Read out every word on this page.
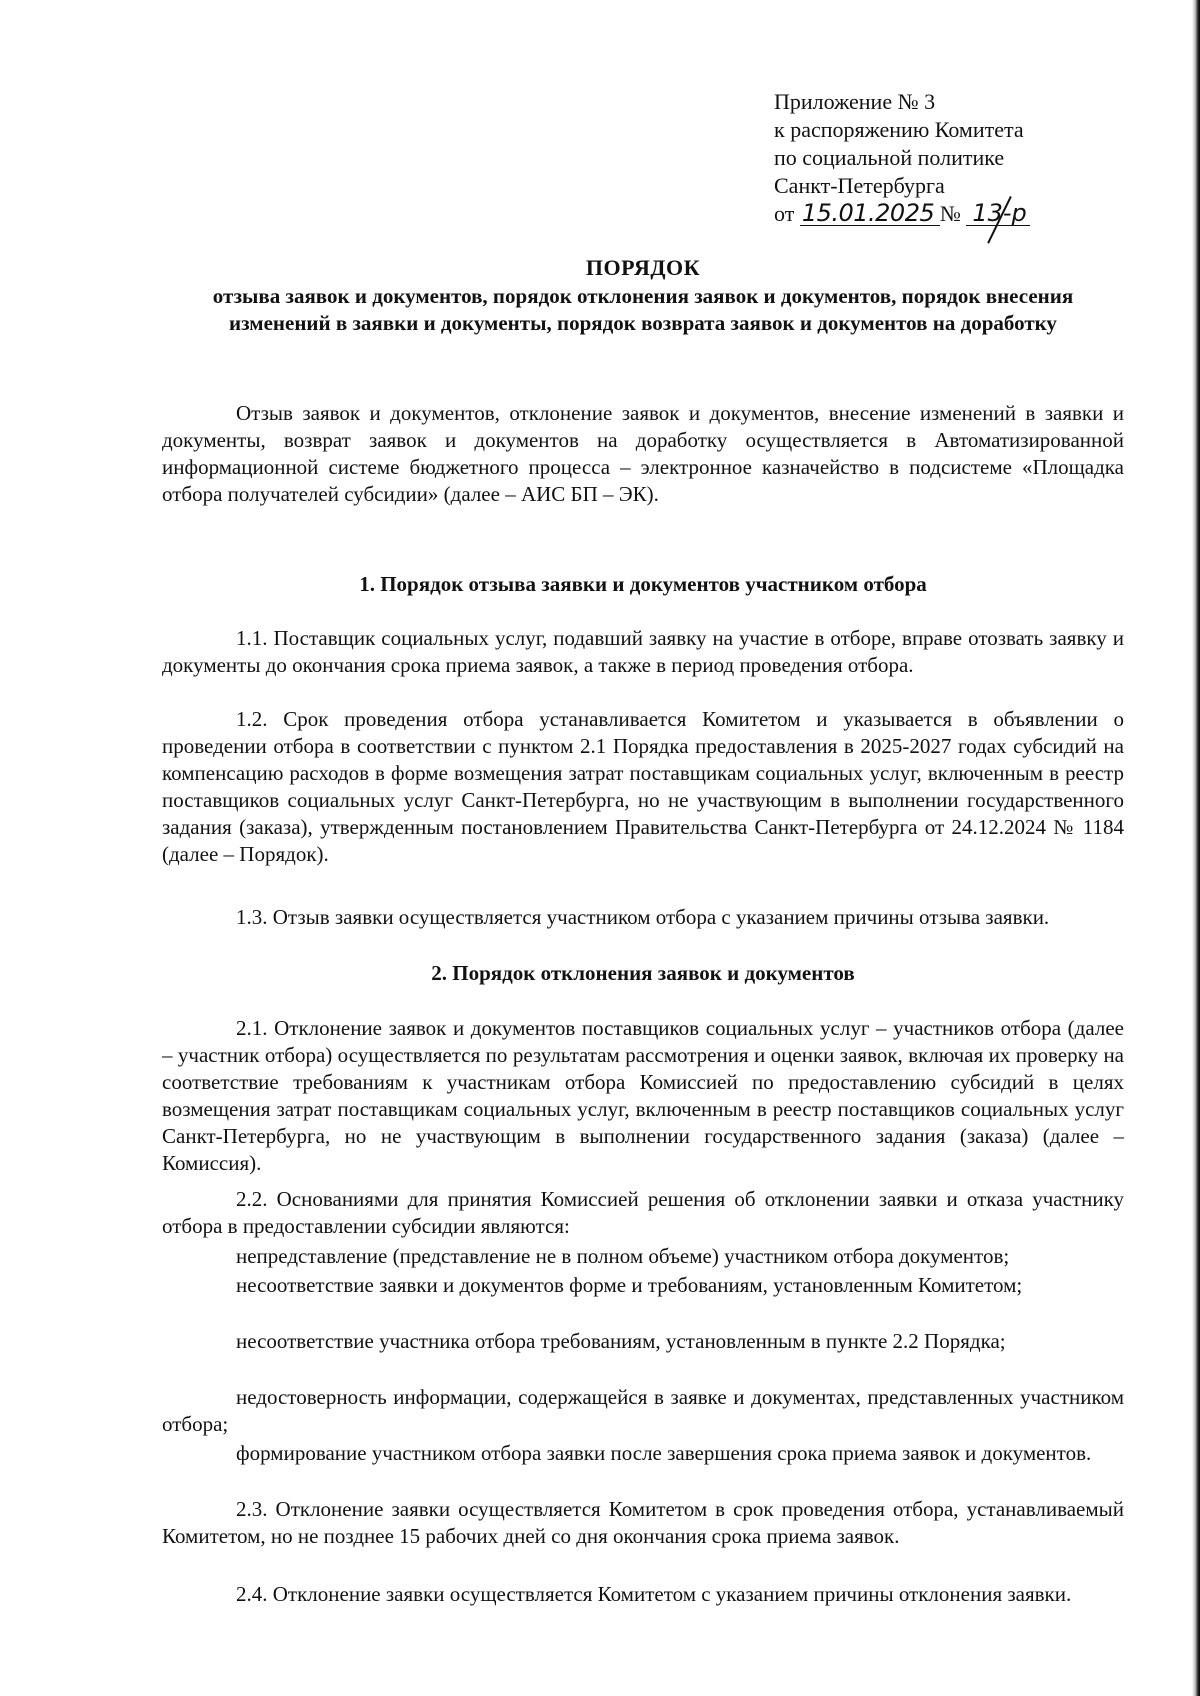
Приложение № 3
к распоряжению Комитета
по социальной политике
Санкт-Петербурга
от 15.01.2025 № 13-р
ПОРЯДОК
отзыва заявок и документов, порядок отклонения заявок и документов, порядок внесения изменений в заявки и документы, порядок возврата заявок и документов на доработку
Отзыв заявок и документов, отклонение заявок и документов, внесение изменений в заявки и документы, возврат заявок и документов на доработку осуществляется в Автоматизированной информационной системе бюджетного процесса – электронное казначейство в подсистеме «Площадка отбора получателей субсидии» (далее – АИС БП – ЭК).
1. Порядок отзыва заявки и документов участником отбора
1.1. Поставщик социальных услуг, подавший заявку на участие в отборе, вправе отозвать заявку и документы до окончания срока приема заявок, а также в период проведения отбора.
1.2. Срок проведения отбора устанавливается Комитетом и указывается в объявлении о проведении отбора в соответствии с пунктом 2.1 Порядка предоставления в 2025-2027 годах субсидий на компенсацию расходов в форме возмещения затрат поставщикам социальных услуг, включенным в реестр поставщиков социальных услуг Санкт-Петербурга, но не участвующим в выполнении государственного задания (заказа), утвержденным постановлением Правительства Санкт-Петербурга от 24.12.2024 № 1184 (далее – Порядок).
1.3. Отзыв заявки осуществляется участником отбора с указанием причины отзыва заявки.
2. Порядок отклонения заявок и документов
2.1. Отклонение заявок и документов поставщиков социальных услуг – участников отбора (далее – участник отбора) осуществляется по результатам рассмотрения и оценки заявок, включая их проверку на соответствие требованиям к участникам отбора Комиссией по предоставлению субсидий в целях возмещения затрат поставщикам социальных услуг, включенным в реестр поставщиков социальных услуг Санкт-Петербурга, но не участвующим в выполнении государственного задания (заказа) (далее – Комиссия).
2.2. Основаниями для принятия Комиссией решения об отклонении заявки и отказа участнику отбора в предоставлении субсидии являются:
непредставление (представление не в полном объеме) участником отбора документов;
несоответствие заявки и документов форме и требованиям, установленным Комитетом;
несоответствие участника отбора требованиям, установленным в пункте 2.2 Порядка;
недостоверность информации, содержащейся в заявке и документах, представленных участником отбора;
формирование участником отбора заявки после завершения срока приема заявок и документов.
2.3. Отклонение заявки осуществляется Комитетом в срок проведения отбора, устанавливаемый Комитетом, но не позднее 15 рабочих дней со дня окончания срока приема заявок.
2.4. Отклонение заявки осуществляется Комитетом с указанием причины отклонения заявки.
